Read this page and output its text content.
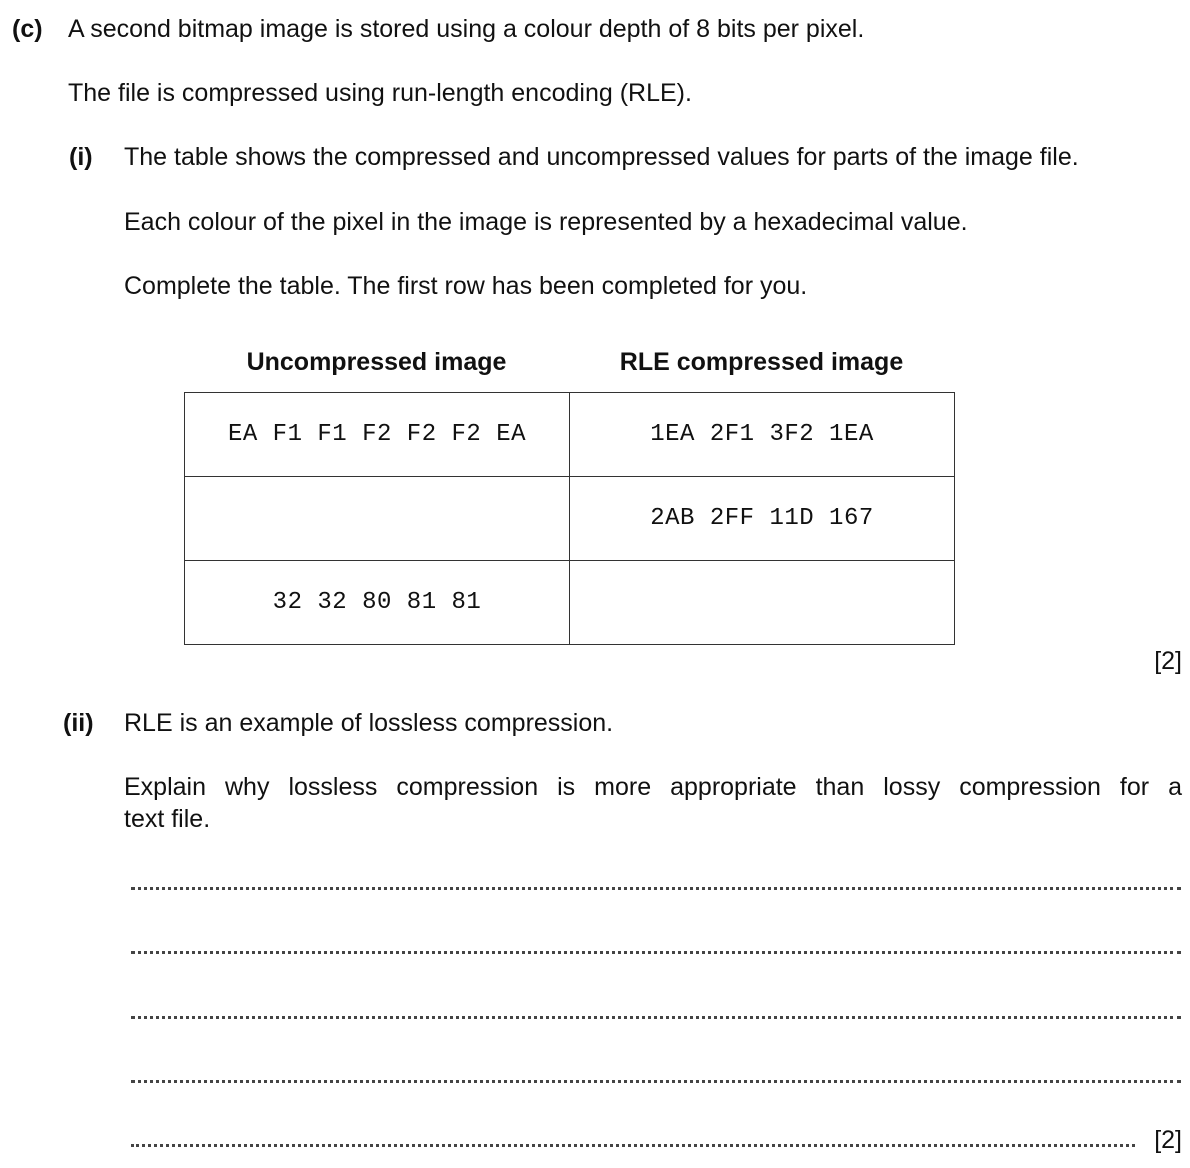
(c) A second bitmap image is stored using a colour depth of 8 bits per pixel.
The file is compressed using run-length encoding (RLE).
(i) The table shows the compressed and uncompressed values for parts of the image file.
Each colour of the pixel in the image is represented by a hexadecimal value.
Complete the table. The first row has been completed for you.
Uncompressed image	RLE compressed image
EA F1 F1 F2 F2 F2 EA	1EA 2F1 3F2 1EA
	2AB 2FF 11D 167
32 32 80 81 81	
[2]
(ii) RLE is an example of lossless compression.
Explain why lossless compression is more appropriate than lossy compression for a
text file.
[2]
